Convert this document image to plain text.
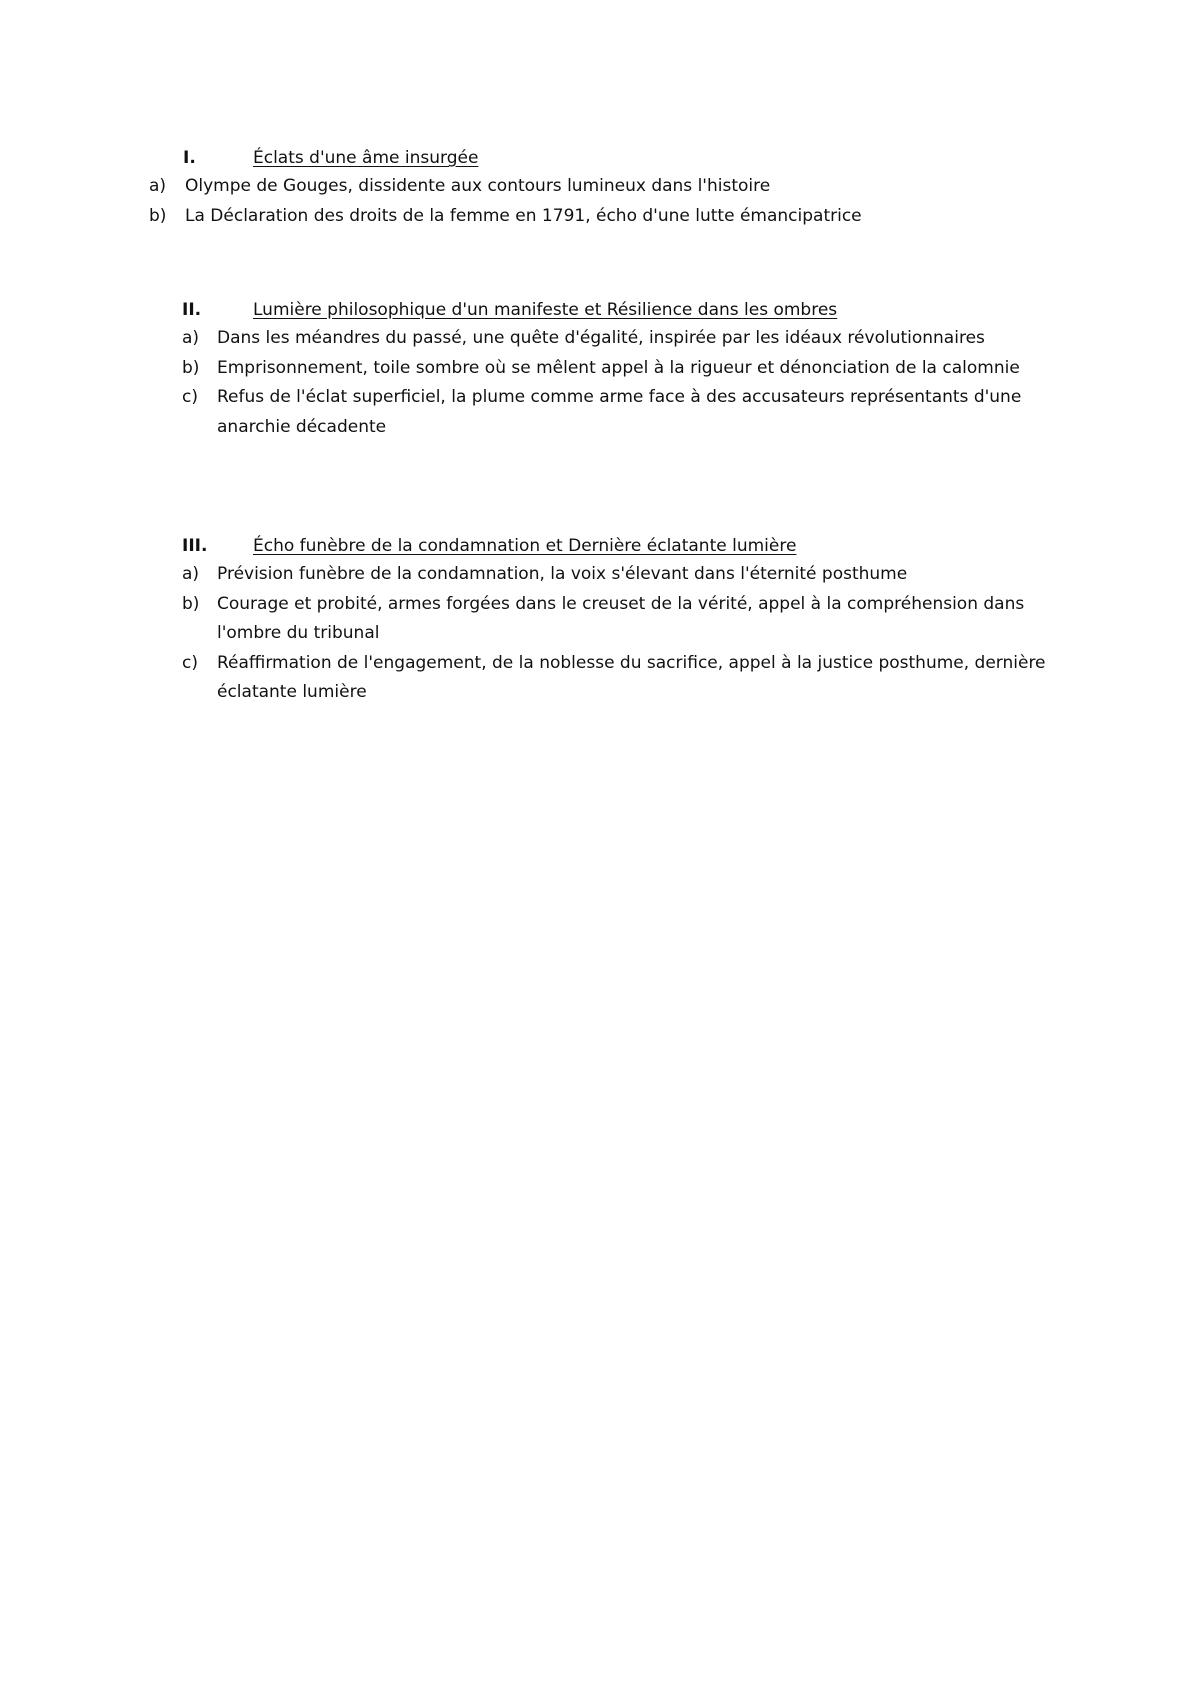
I.	Éclats d'une âme insurgée
a) Olympe de Gouges, dissidente aux contours lumineux dans l'histoire
b) La Déclaration des droits de la femme en 1791, écho d'une lutte émancipatrice
II.	Lumière philosophique d'un manifeste et Résilience dans les ombres
a) Dans les méandres du passé, une quête d'égalité, inspirée par les idéaux révolutionnaires
b) Emprisonnement, toile sombre où se mêlent appel à la rigueur et dénonciation de la calomnie
c) Refus de l'éclat superficiel, la plume comme arme face à des accusateurs représentants d'une anarchie décadente
III.	Écho funèbre de la condamnation et Dernière éclatante lumière
a) Prévision funèbre de la condamnation, la voix s'élevant dans l'éternité posthume
b) Courage et probité, armes forgées dans le creuset de la vérité, appel à la compréhension dans l'ombre du tribunal
c) Réaffirmation de l'engagement, de la noblesse du sacrifice, appel à la justice posthume, dernière éclatante lumière
